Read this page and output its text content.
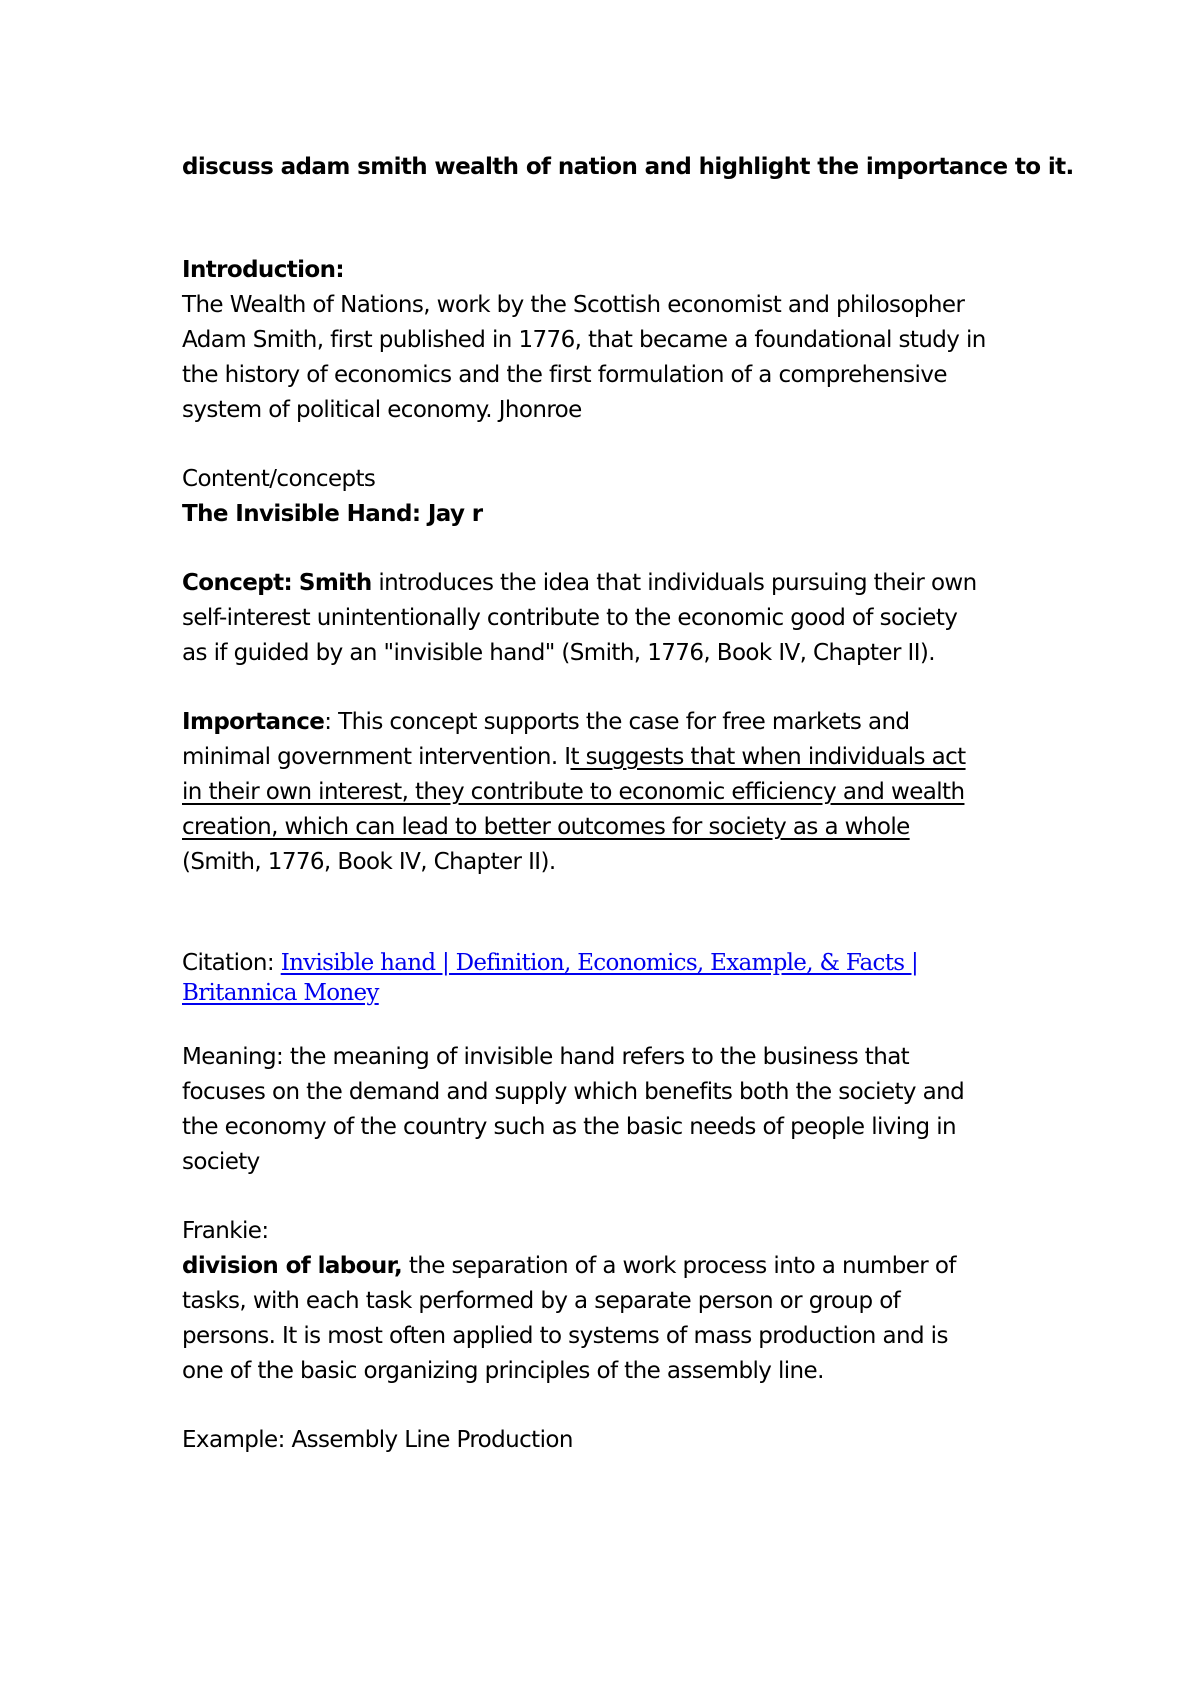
discuss adam smith wealth of nation and highlight the importance to it.

Introduction:

The Wealth of Nations, work by the Scottish economist and philosopher

Adam Smith, first published in 1776, that became a foundational study in

the history of economics and the first formulation of a comprehensive

system of political economy. Jhonroe

Content/concepts

The Invisible Hand: Jay r

Concept: Smith introduces the idea that individuals pursuing their own

self-interest unintentionally contribute to the economic good of society

as if guided by an "invisible hand" (Smith, 1776, Book IV, Chapter II).

Importance: This concept supports the case for free markets and

minimal government intervention. It suggests that when individuals act

in their own interest, they contribute to economic efficiency and wealth

creation, which can lead to better outcomes for society as a whole

(Smith, 1776, Book IV, Chapter II).

Citation: Invisible hand | Definition, Economics, Example, & Facts |

Britannica Money

Meaning: the meaning of invisible hand refers to the business that

focuses on the demand and supply which benefits both the society and

the economy of the country such as the basic needs of people living in

society

Frankie:

division of labour, the separation of a work process into a number of

tasks, with each task performed by a separate person or group of

persons. It is most often applied to systems of mass production and is

one of the basic organizing principles of the assembly line.

Example: Assembly Line Production
